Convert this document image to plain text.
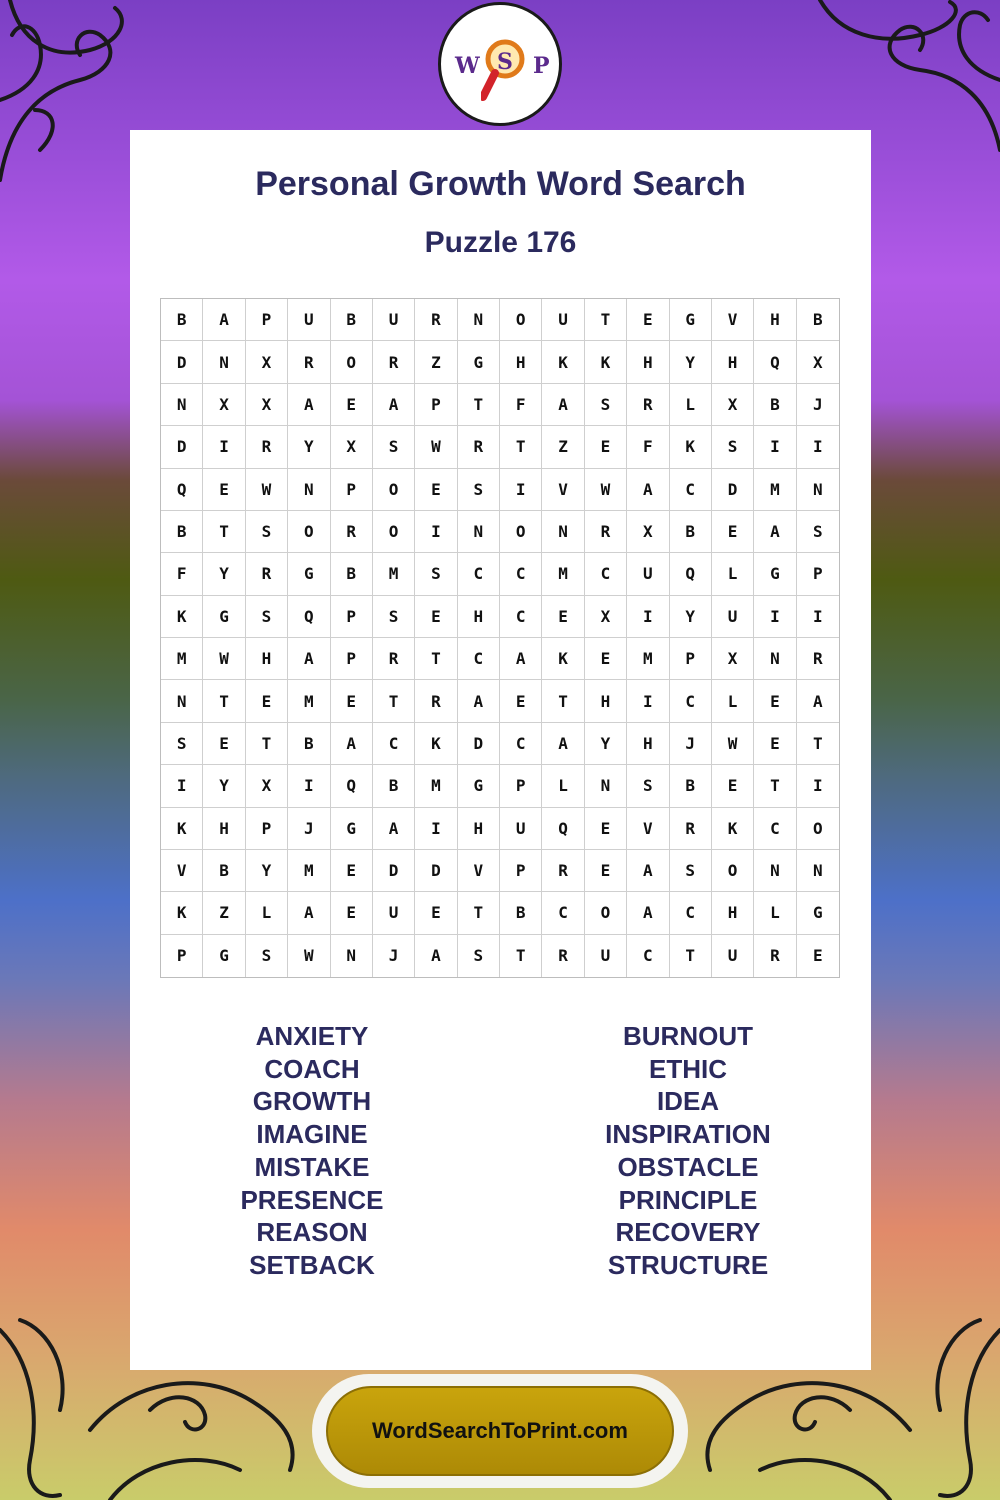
W S P
Personal Growth Word Search
Puzzle 176
B	A	P	U	B	U	R	N	O	U	T	E	G	V	H	B
D	N	X	R	O	R	Z	G	H	K	K	H	Y	H	Q	X
N	X	X	A	E	A	P	T	F	A	S	R	L	X	B	J
D	I	R	Y	X	S	W	R	T	Z	E	F	K	S	I	I
Q	E	W	N	P	O	E	S	I	V	W	A	C	D	M	N
B	T	S	O	R	O	I	N	O	N	R	X	B	E	A	S
F	Y	R	G	B	M	S	C	C	M	C	U	Q	L	G	P
K	G	S	Q	P	S	E	H	C	E	X	I	Y	U	I	I
M	W	H	A	P	R	T	C	A	K	E	M	P	X	N	R
N	T	E	M	E	T	R	A	E	T	H	I	C	L	E	A
S	E	T	B	A	C	K	D	C	A	Y	H	J	W	E	T
I	Y	X	I	Q	B	M	G	P	L	N	S	B	E	T	I
K	H	P	J	G	A	I	H	U	Q	E	V	R	K	C	O
V	B	Y	M	E	D	D	V	P	R	E	A	S	O	N	N
K	Z	L	A	E	U	E	T	B	C	O	A	C	H	L	G
P	G	S	W	N	J	A	S	T	R	U	C	T	U	R	E
ANXIETY
COACH
GROWTH
IMAGINE
MISTAKE
PRESENCE
REASON
SETBACK
BURNOUT
ETHIC
IDEA
INSPIRATION
OBSTACLE
PRINCIPLE
RECOVERY
STRUCTURE
WordSearchToPrint.com
